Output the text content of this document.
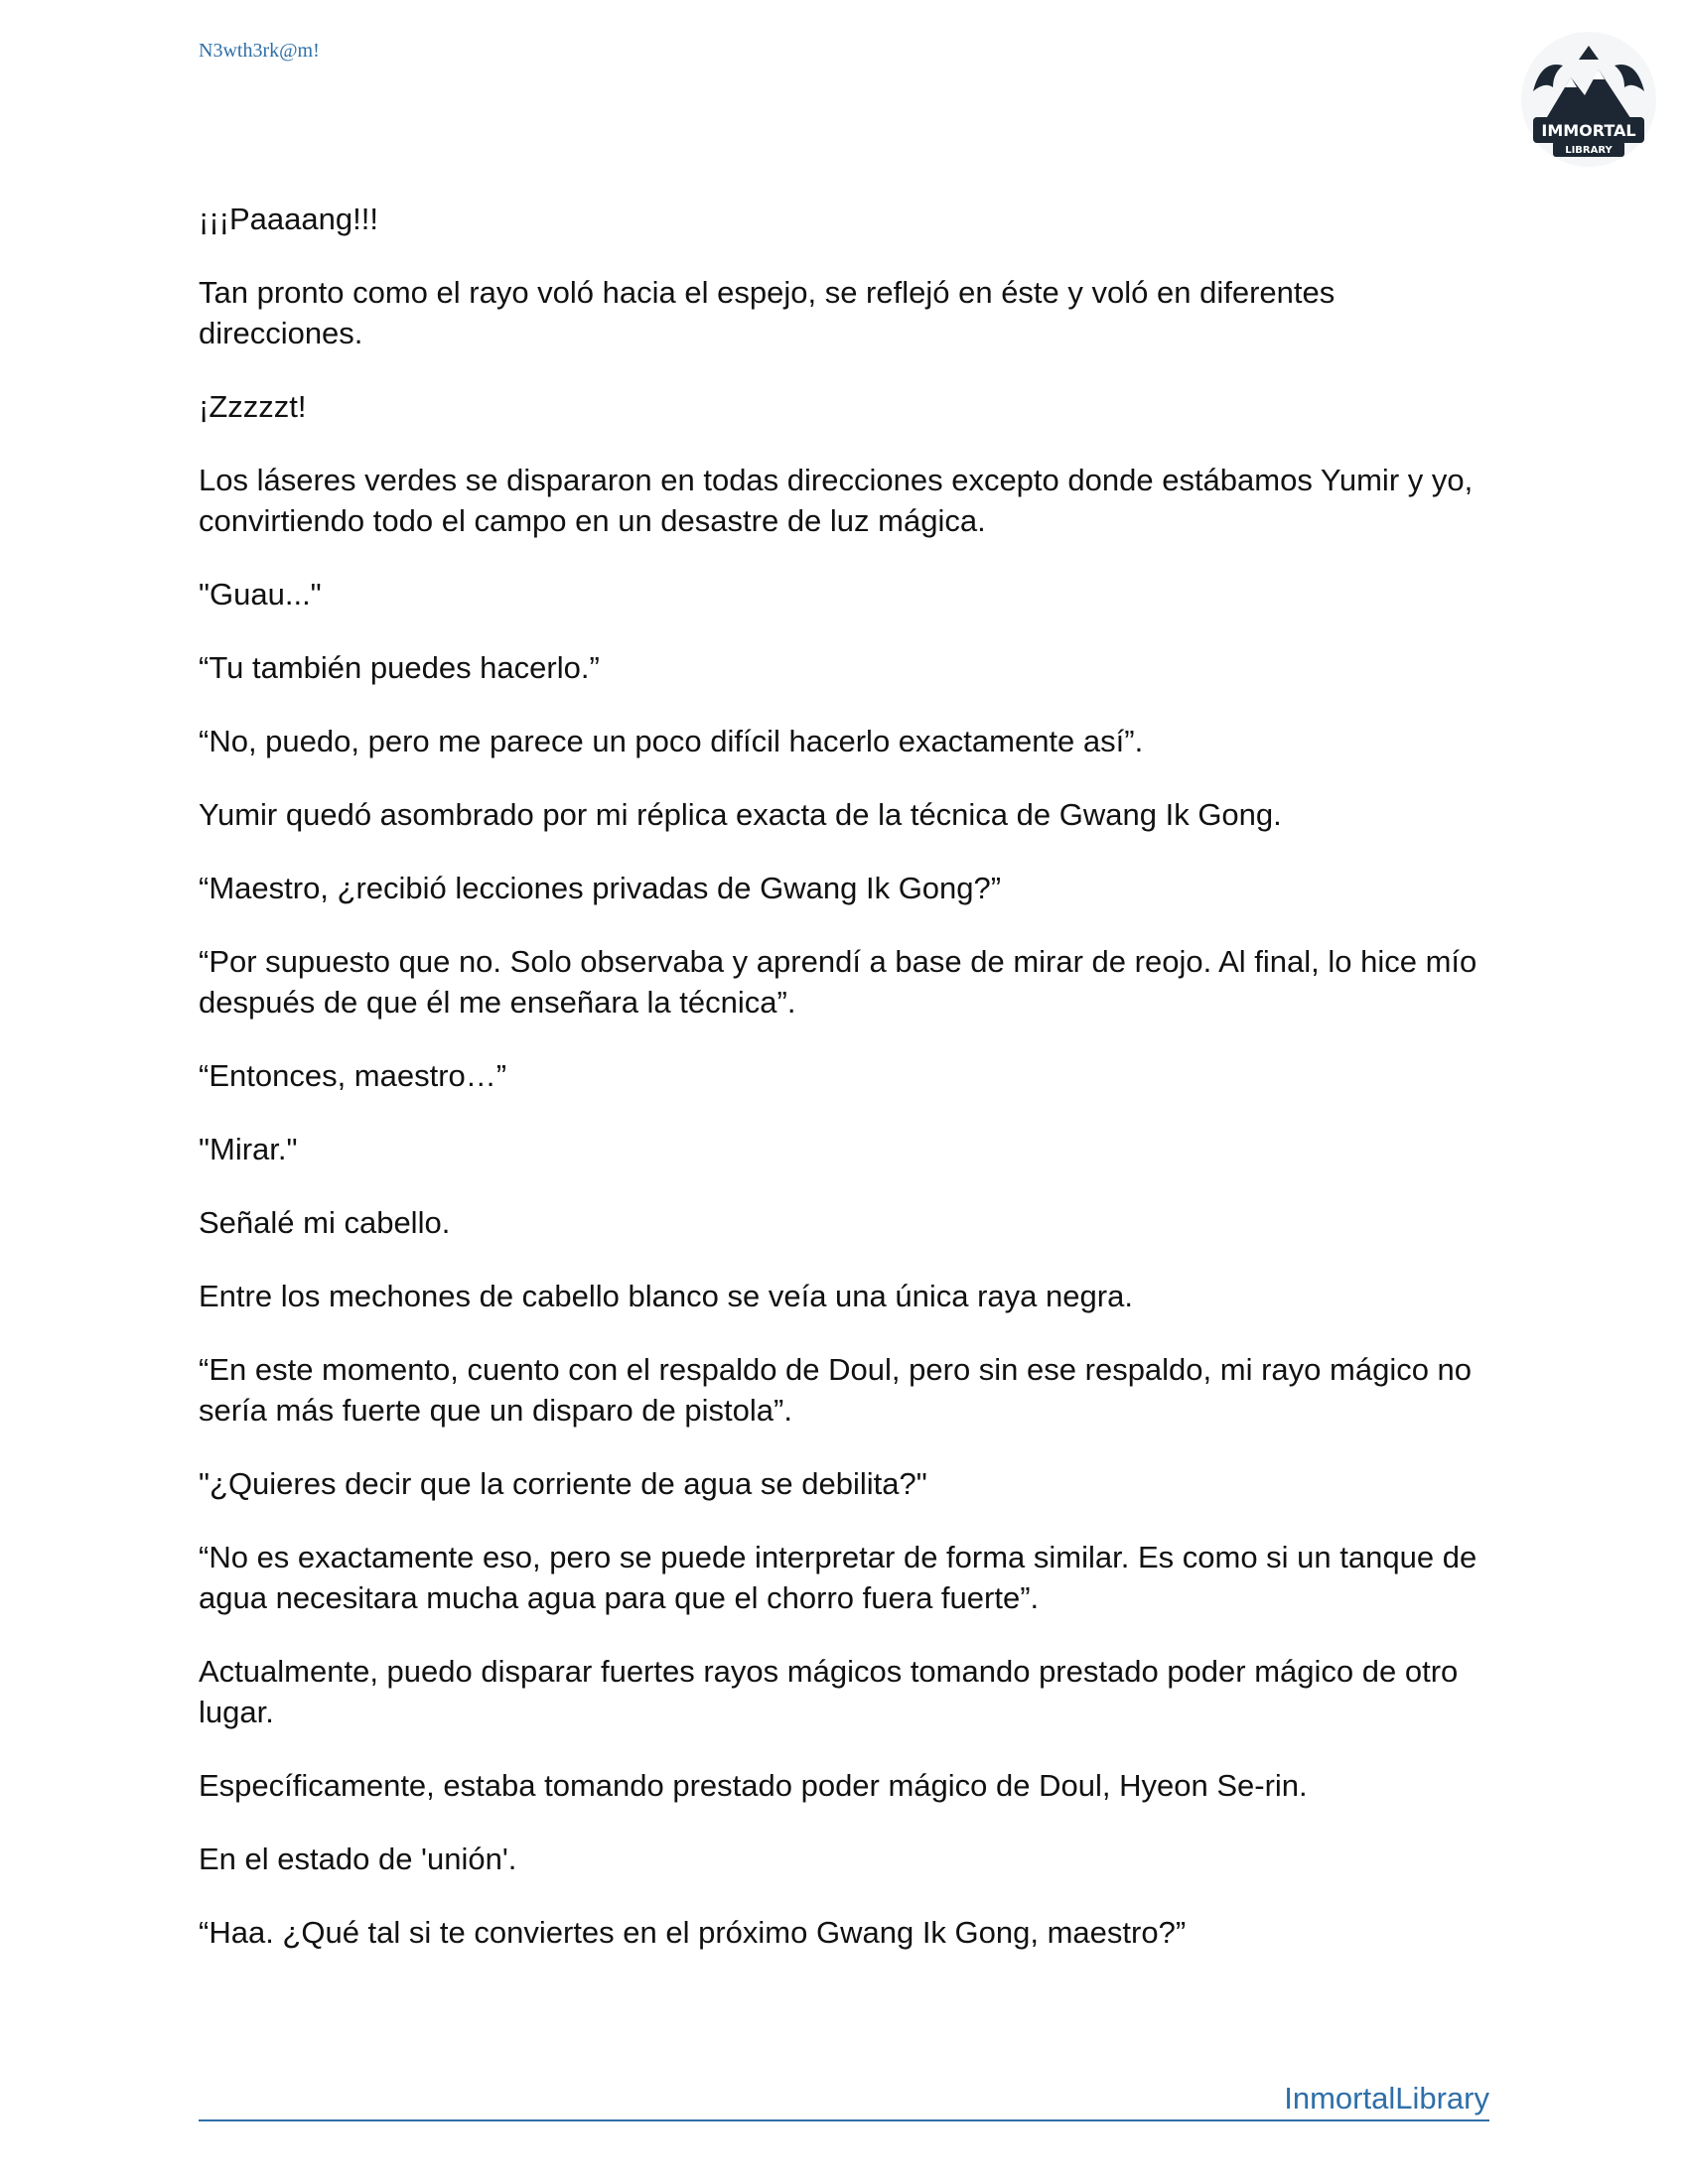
N3wth3rk@m!
IMMORTAL
LIBRARY

¡¡¡Paaaang!!!

Tan pronto como el rayo voló hacia el espejo, se reflejó en éste y voló en diferentes direcciones.

¡Zzzzzt!

Los láseres verdes se dispararon en todas direcciones excepto donde estábamos Yumir y yo, convirtiendo todo el campo en un desastre de luz mágica.

"Guau..."

“Tu también puedes hacerlo.”

“No, puedo, pero me parece un poco difícil hacerlo exactamente así”.

Yumir quedó asombrado por mi réplica exacta de la técnica de Gwang Ik Gong.

“Maestro, ¿recibió lecciones privadas de Gwang Ik Gong?”

“Por supuesto que no. Solo observaba y aprendí a base de mirar de reojo. Al final, lo hice mío después de que él me enseñara la técnica”.

“Entonces, maestro…”

"Mirar."

Señalé mi cabello.

Entre los mechones de cabello blanco se veía una única raya negra.

“En este momento, cuento con el respaldo de Doul, pero sin ese respaldo, mi rayo mágico no sería más fuerte que un disparo de pistola”.

"¿Quieres decir que la corriente de agua se debilita?"

“No es exactamente eso, pero se puede interpretar de forma similar. Es como si un tanque de agua necesitara mucha agua para que el chorro fuera fuerte”.

Actualmente, puedo disparar fuertes rayos mágicos tomando prestado poder mágico de otro lugar.

Específicamente, estaba tomando prestado poder mágico de Doul, Hyeon Se-rin.

En el estado de 'unión'.

“Haa. ¿Qué tal si te conviertes en el próximo Gwang Ik Gong, maestro?”

InmortalLibrary
